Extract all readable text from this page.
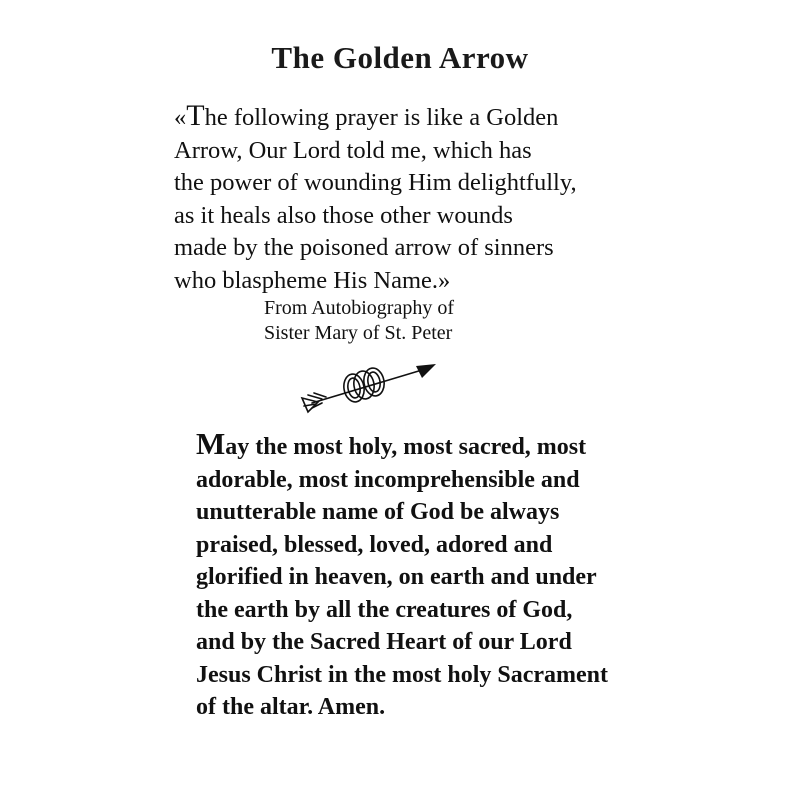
The Golden Arrow

«The following prayer is like a Golden
Arrow, Our Lord told me, which has
the power of wounding Him delightfully,
as it heals also those other wounds
made by the poisoned arrow of sinners
who blaspheme His Name.»

From Autobiography of
Sister Mary of St. Peter

May the most holy, most sacred, most
adorable, most incomprehensible and
unutterable name of God be always
praised, blessed, loved, adored and
glorified in heaven, on earth and under
the earth by all the creatures of God,
and by the Sacred Heart of our Lord
Jesus Christ in the most holy Sacrament
of the altar. Amen.
